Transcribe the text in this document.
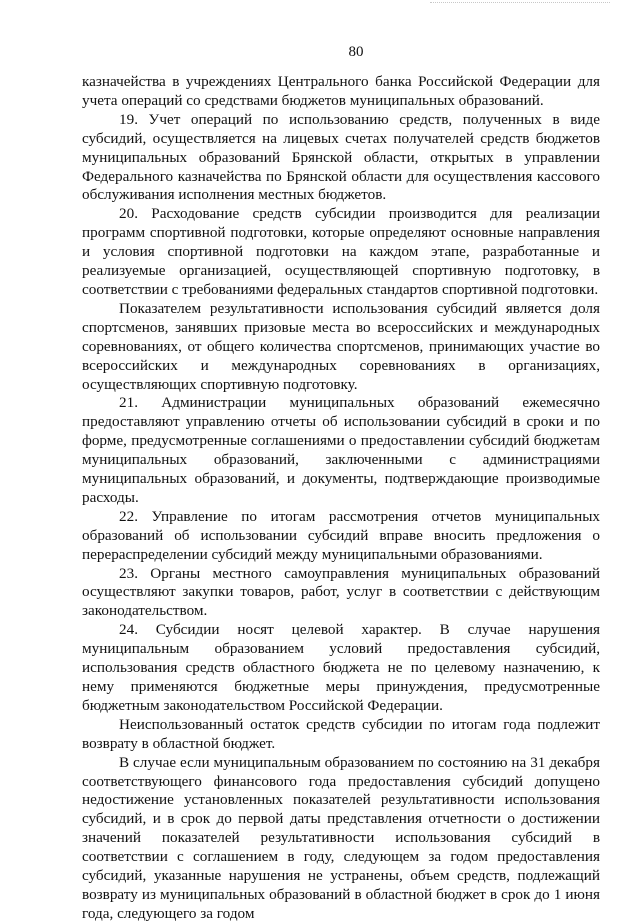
80

казначейства в учреждениях Центрального банка Российской Федерации для учета операций со средствами бюджетов муниципальных образований.

19. Учет операций по использованию средств, полученных в виде субсидий, осуществляется на лицевых счетах получателей средств бюджетов муниципальных образований Брянской области, открытых в управлении Федерального казначейства по Брянской области для осуществления кассового обслуживания исполнения местных бюджетов.

20. Расходование средств субсидии производится для реализации программ спортивной подготовки, которые определяют основные направления и условия спортивной подготовки на каждом этапе, разработанные и реализуемые организацией, осуществляющей спортивную подготовку, в соответствии с требованиями федеральных стандартов спортивной подготовки.

Показателем результативности использования субсидий является доля спортсменов, занявших призовые места во всероссийских и международных соревнованиях, от общего количества спортсменов, принимающих участие во всероссийских и международных соревнованиях в организациях, осуществляющих спортивную подготовку.

21. Администрации муниципальных образований ежемесячно предоставляют управлению отчеты об использовании субсидий в сроки и по форме, предусмотренные соглашениями о предоставлении субсидий бюджетам муниципальных образований, заключенными с администрациями муниципальных образований, и документы, подтверждающие производимые расходы.

22. Управление по итогам рассмотрения отчетов муниципальных образований об использовании субсидий вправе вносить предложения о перераспределении субсидий между муниципальными образованиями.

23. Органы местного самоуправления муниципальных образований осуществляют закупки товаров, работ, услуг в соответствии с действующим законодательством.

24. Субсидии носят целевой характер. В случае нарушения муниципальным образованием условий предоставления субсидий, использования средств областного бюджета не по целевому назначению, к нему применяются бюджетные меры принуждения, предусмотренные бюджетным законодательством Российской Федерации.

Неиспользованный остаток средств субсидии по итогам года подлежит возврату в областной бюджет.

В случае если муниципальным образованием по состоянию на 31 декабря соответствующего финансового года предоставления субсидий допущено недостижение установленных показателей результативности использования субсидий, и в срок до первой даты представления отчетности о достижении значений показателей результативности использования субсидий в соответствии с соглашением в году, следующем за годом предоставления субсидий, указанные нарушения не устранены, объем средств, подлежащий возврату из муниципальных образований в областной бюджет в срок до 1 июня года, следующего за годом
